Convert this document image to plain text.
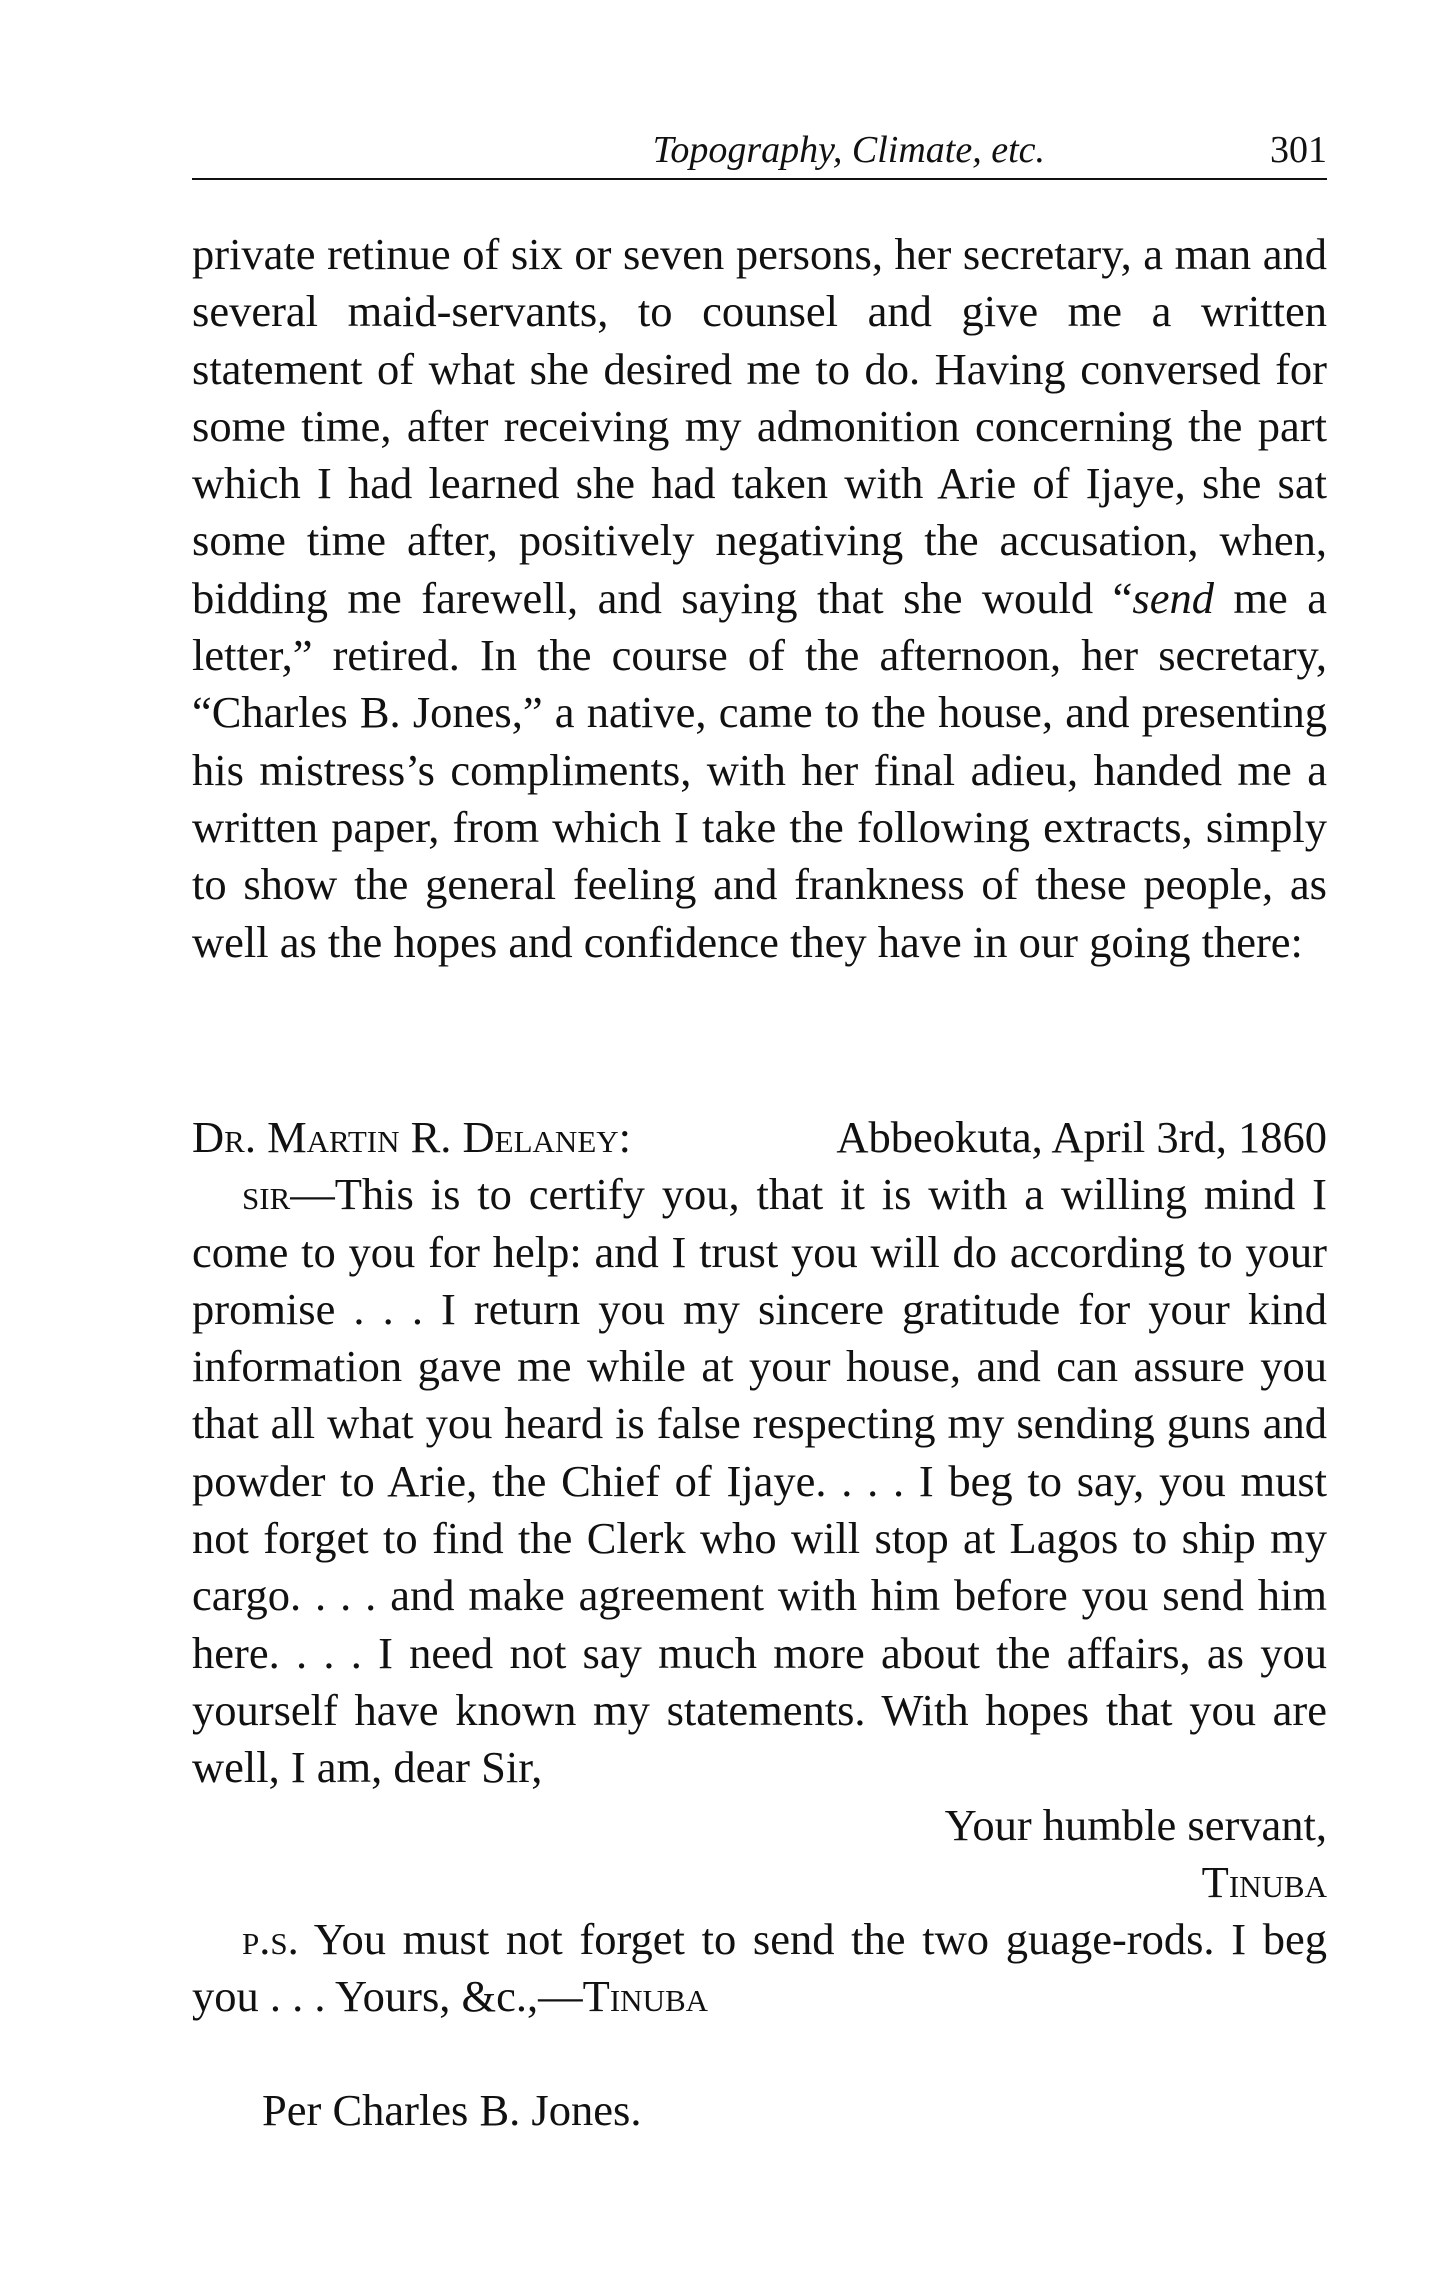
Topography, Climate, etc.	301

private retinue of six or seven persons, her secretary, a man and several maid-servants, to counsel and give me a written statement of what she desired me to do. Having conversed for some time, after receiving my admonition concerning the part which I had learned she had taken with Arie of Ijaye, she sat some time after, positively negativing the accusation, when, bidding me farewell, and saying that she would “send me a letter,” retired. In the course of the afternoon, her secretary, “Charles B. Jones,” a native, came to the house, and presenting his mistress’s compliments, with her final adieu, handed me a written paper, from which I take the following extracts, simply to show the general feeling and frankness of these people, as well as the hopes and confidence they have in our going there:

Dr. Martin R. Delaney:	Abbeokuta, April 3rd, 1860

sir—This is to certify you, that it is with a willing mind I come to you for help: and I trust you will do according to your promise . . . I return you my sincere gratitude for your kind information gave me while at your house, and can assure you that all what you heard is false respecting my sending guns and powder to Arie, the Chief of Ijaye. . . . I beg to say, you must not forget to find the Clerk who will stop at Lagos to ship my cargo. . . . and make agreement with him before you send him here. . . . I need not say much more about the affairs, as you yourself have known my statements. With hopes that you are well, I am, dear Sir,

Your humble servant,

Tinuba

p.s. You must not forget to send the two guage-rods. I beg you . . . Yours, &c.,—Tinuba

Per Charles B. Jones.
